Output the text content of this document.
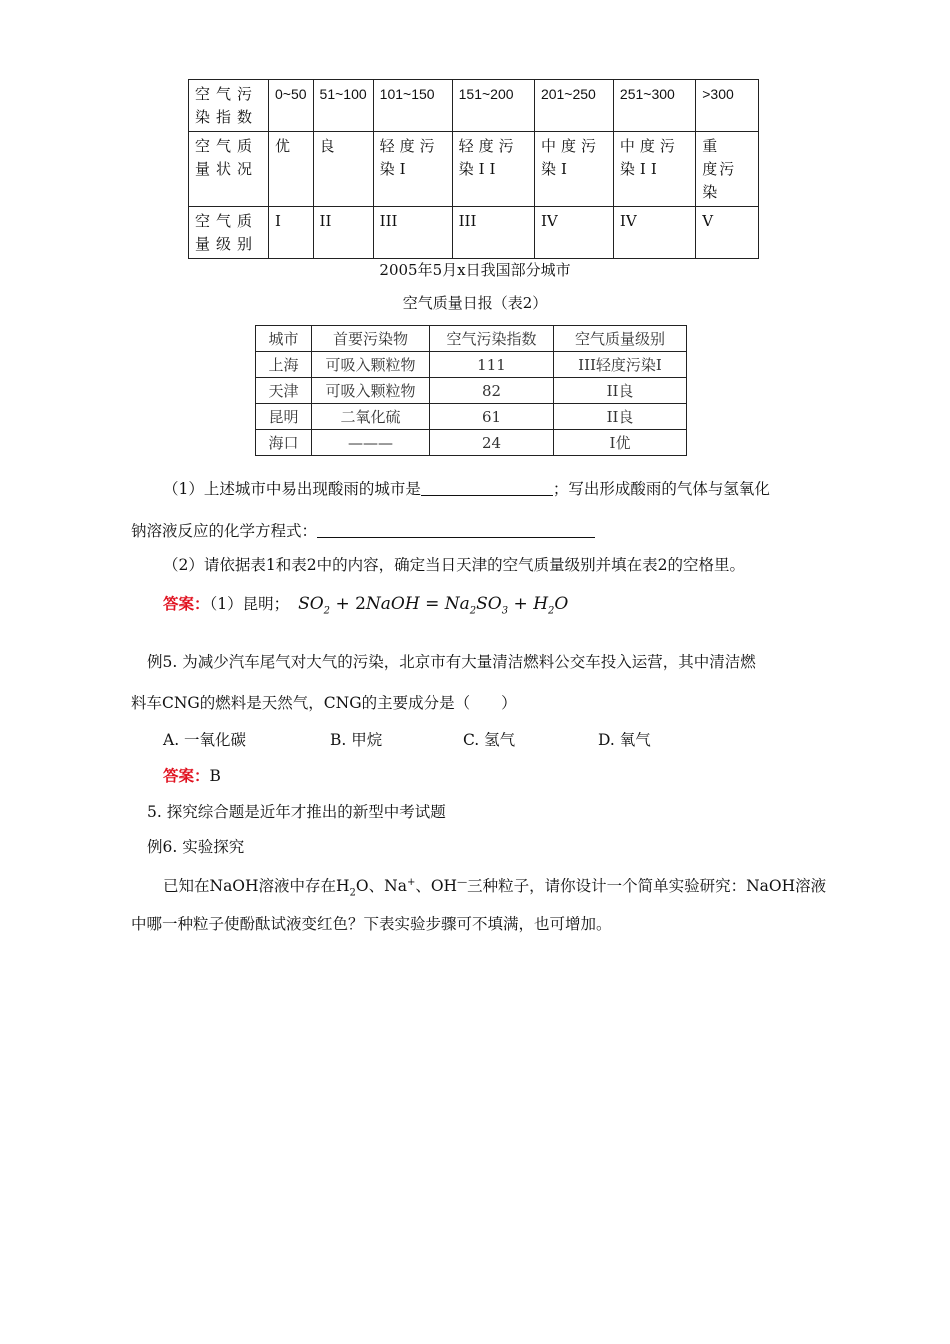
空气污染指数	0~50	51~100	101~150	151~200	201~250	251~300	>300
空气质量状况	优	良	轻度污染I	轻度污染II	中度污染I	中度污染II	重　度污染
空气质量级别	I	II	III	III	IV	IV	V
2005年5月x日我国部分城市
空气质量日报（表2）
城市	首要污染物	空气污染指数	空气质量级别
上海	可吸入颗粒物	111	III轻度污染I
天津	可吸入颗粒物	82	II良
昆明	二氧化硫	61	II良
海口	———	24	I优
（1）上述城市中易出现酸雨的城市是	；写出形成酸雨的气体与氢氧化
钠溶液反应的化学方程式：
（2）请依据表1和表2中的内容，确定当日天津的空气质量级别并填在表2的空格里。
答案：（1）昆明； $SO_2$ + 2NaOH = $Na_2SO_3 + H_2O$
例5. 为减少汽车尾气对大气的污染，北京市有大量清洁燃料公交车投入运营，其中清洁燃
料车CNG的燃料是天然气，CNG的主要成分是（　　）
A. 一氧化碳	B. 甲烷	C. 氢气	D. 氧气
答案：B
5. 探究综合题是近年才推出的新型中考试题
例6. 实验探究
已知在NaOH溶液中存在$H_2O$、Na+、OH—三种粒子，请你设计一个简单实验研究：NaOH溶液
中哪一种粒子使酚酞试液变红色？下表实验步骤可不填满，也可增加。
